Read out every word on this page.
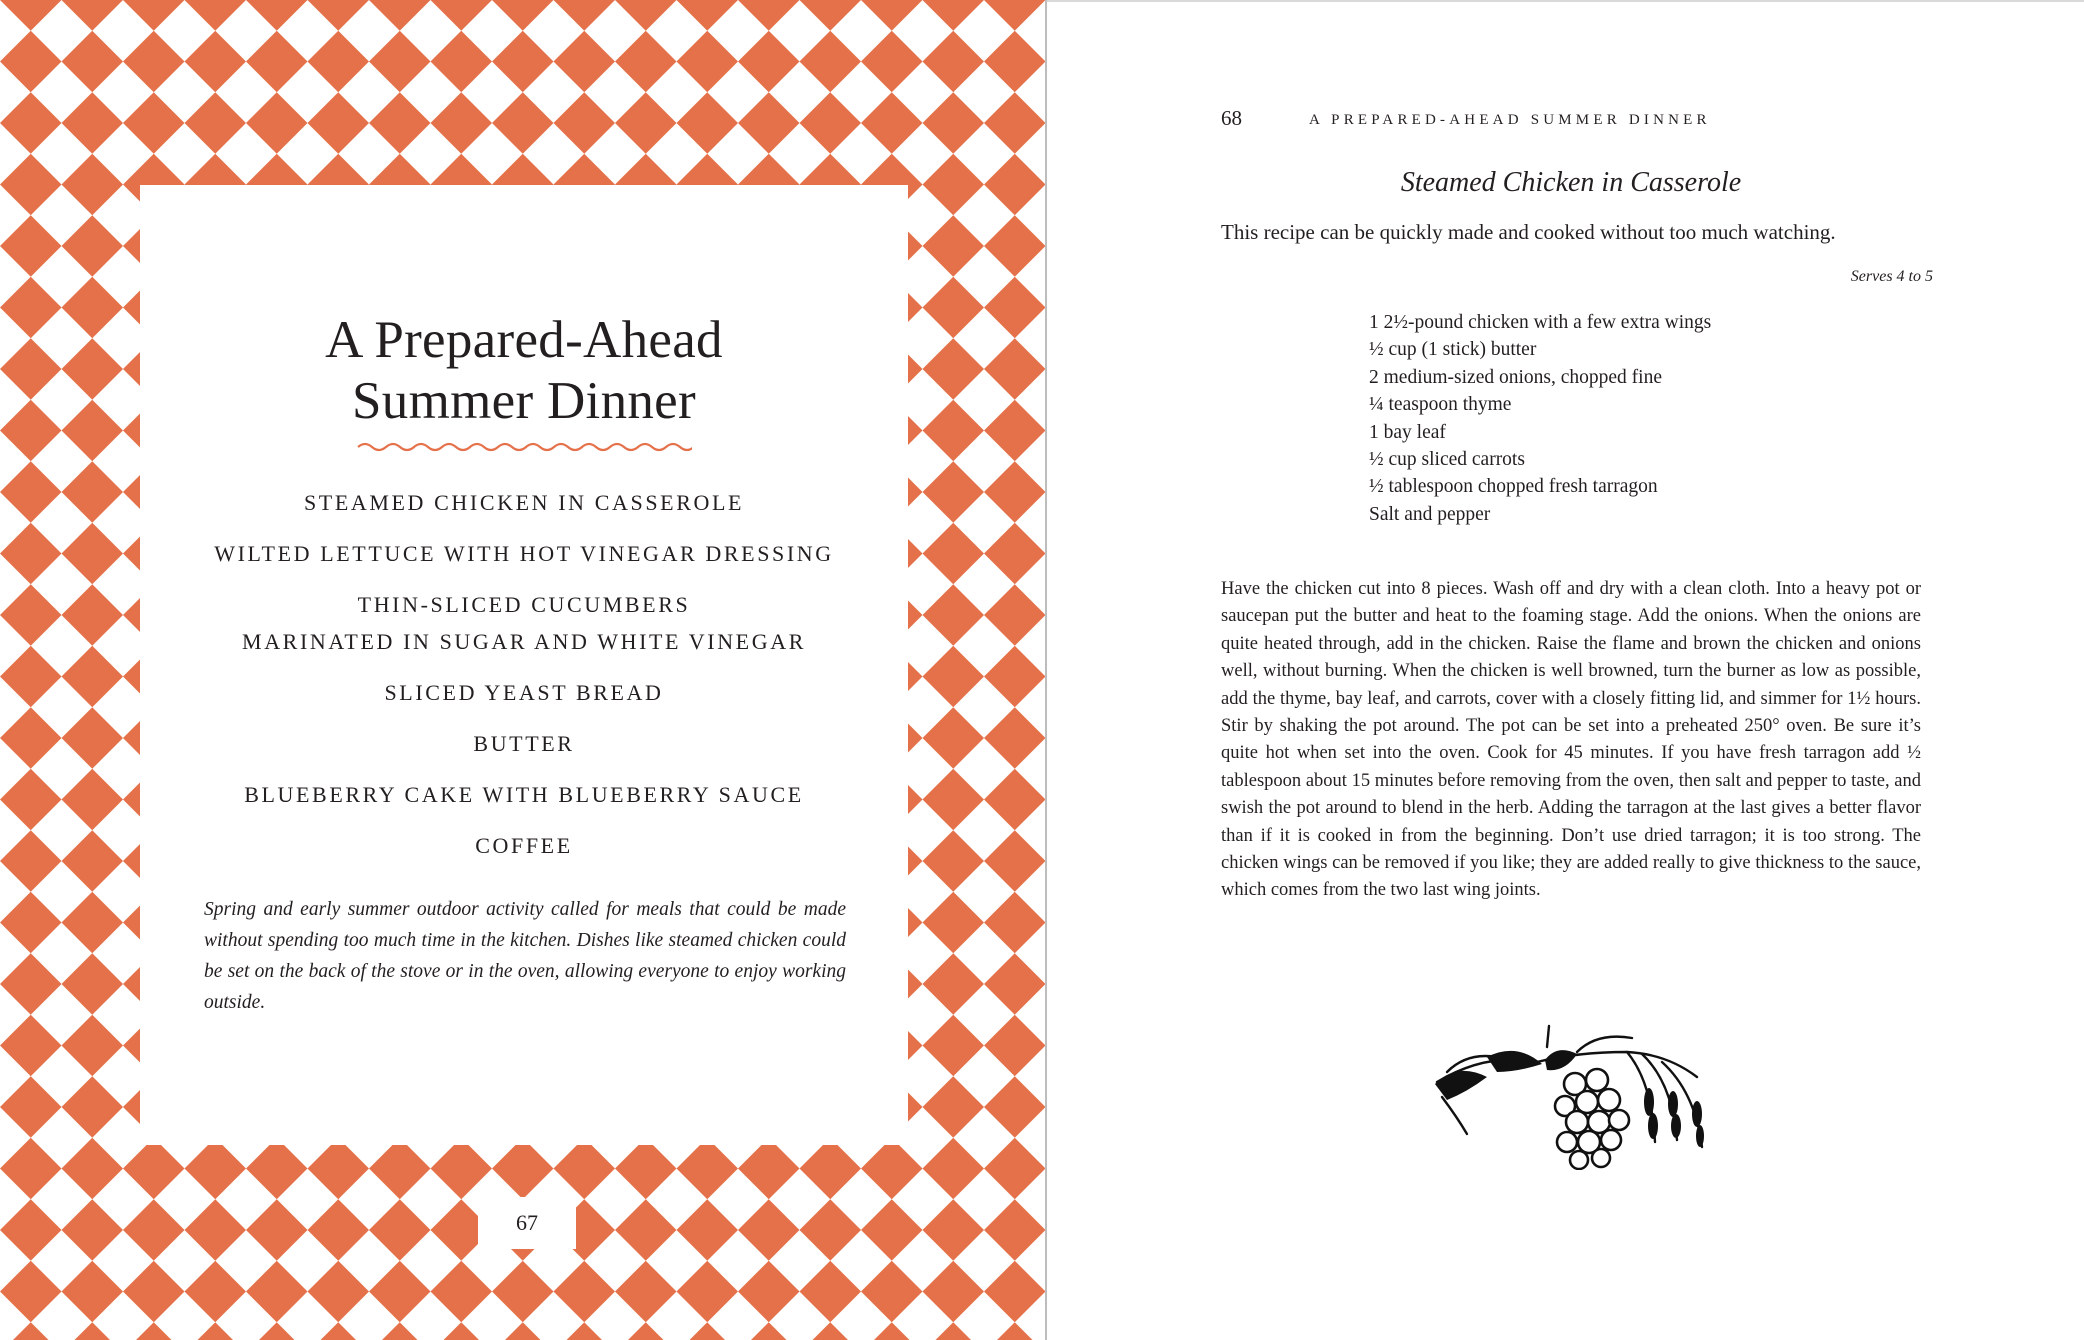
A Prepared-Ahead
Summer Dinner
STEAMED CHICKEN IN CASSEROLE
WILTED LETTUCE WITH HOT VINEGAR DRESSING
THIN-SLICED CUCUMBERS
MARINATED IN SUGAR AND WHITE VINEGAR
SLICED YEAST BREAD
BUTTER
BLUEBERRY CAKE WITH BLUEBERRY SAUCE
COFFEE

Spring and early summer outdoor activity called for meals that could be made without spending too much time in the kitchen. Dishes like steamed chicken could be set on the back of the stove or in the oven, allowing everyone to enjoy working outside.

67
68	A PREPARED-AHEAD SUMMER DINNER
Steamed Chicken in Casserole

This recipe can be quickly made and cooked without too much watching.

Serves 4 to 5

1 2½-pound chicken with a few extra wings
½ cup (1 stick) butter
2 medium-sized onions, chopped fine
¼ teaspoon thyme
1 bay leaf
½ cup sliced carrots
½ tablespoon chopped fresh tarragon
Salt and pepper

Have the chicken cut into 8 pieces. Wash off and dry with a clean cloth. Into a heavy pot or saucepan put the butter and heat to the foaming stage. Add the onions. When the onions are quite heated through, add in the chicken. Raise the flame and brown the chicken and onions well, without burning. When the chicken is well browned, turn the burner as low as possible, add the thyme, bay leaf, and carrots, cover with a closely fitting lid, and simmer for 1½ hours. Stir by shaking the pot around. The pot can be set into a preheated 250° oven. Be sure it’s quite hot when set into the oven. Cook for 45 minutes. If you have fresh tarragon add ½ tablespoon about 15 minutes before removing from the oven, then salt and pepper to taste, and swish the pot around to blend in the herb. Adding the tarragon at the last gives a better flavor than if it is cooked in from the beginning. Don’t use dried tarragon; it is too strong. The chicken wings can be removed if you like; they are added really to give thickness to the sauce, which comes from the two last wing joints.
